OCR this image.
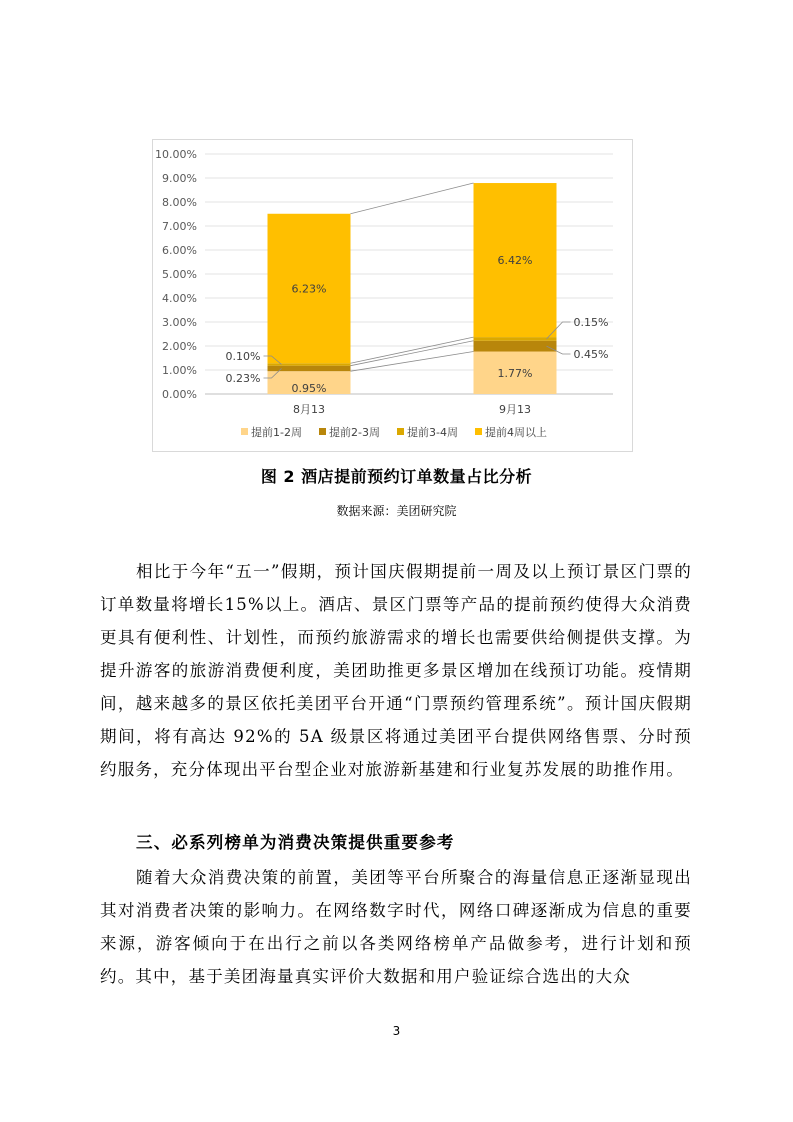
0.00%
1.00%
2.00%
3.00%
4.00%
5.00%
6.00%
7.00%
8.00%
9.00%
10.00%
8月13	9月13
0.95%
1.77%
6.23%
6.42%
0.10%
0.23%
0.15%
0.45%
提前1-2周 提前2-3周 提前3-4周 提前4周以上
图 2 酒店提前预约订单数量占比分析
数据来源：美团研究院

相比于今年“五一”假期，预计国庆假期提前一周及以上预订景区门票的订单数量将增长15%以上。酒店、景区门票等产品的提前预约使得大众消费更具有便利性、计划性，而预约旅游需求的增长也需要供给侧提供支撑。为提升游客的旅游消费便利度，美团助推更多景区增加在线预订功能。疫情期间，越来越多的景区依托美团平台开通“门票预约管理系统”。预计国庆假期期间，将有高达 92%的 5A 级景区将通过美团平台提供网络售票、分时预约服务，充分体现出平台型企业对旅游新基建和行业复苏发展的助推作用。

三、必系列榜单为消费决策提供重要参考

随着大众消费决策的前置，美团等平台所聚合的海量信息正逐渐显现出其对消费者决策的影响力。在网络数字时代，网络口碑逐渐成为信息的重要来源，游客倾向于在出行之前以各类网络榜单产品做参考，进行计划和预约。其中，基于美团海量真实评价大数据和用户验证综合选出的大众

3
